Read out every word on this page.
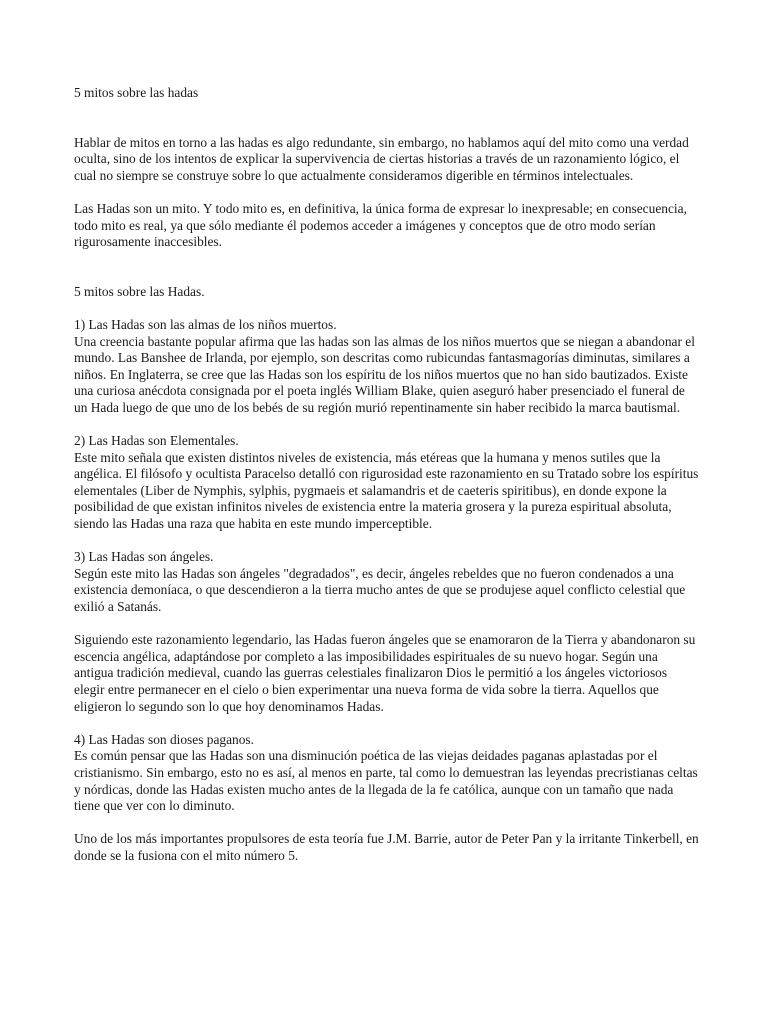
5 mitos sobre las hadas

Hablar de mitos en torno a las hadas es algo redundante, sin embargo, no hablamos aquí del mito como una verdad oculta, sino de los intentos de explicar la supervivencia de ciertas historias a través de un razonamiento lógico, el cual no siempre se construye sobre lo que actualmente consideramos digerible en términos intelectuales.

Las Hadas son un mito. Y todo mito es, en definitiva, la única forma de expresar lo inexpresable; en consecuencia, todo mito es real, ya que sólo mediante él podemos acceder a imágenes y conceptos que de otro modo serían rigurosamente inaccesibles.

5 mitos sobre las Hadas.

1) Las Hadas son las almas de los niños muertos.

Una creencia bastante popular afirma que las hadas son las almas de los niños muertos que se niegan a abandonar el mundo. Las Banshee de Irlanda, por ejemplo, son descritas como rubicundas fantasmagorías diminutas, similares a niños. En Inglaterra, se cree que las Hadas son los espíritu de los niños muertos que no han sido bautizados. Existe una curiosa anécdota consignada por el poeta inglés William Blake, quien aseguró haber presenciado el funeral de un Hada luego de que uno de los bebés de su región murió repentinamente sin haber recibido la marca bautismal.

2) Las Hadas son Elementales.

Este mito señala que existen distintos niveles de existencia, más etéreas que la humana y menos sutiles que la angélica. El filósofo y ocultista Paracelso detalló con rigurosidad este razonamiento en su Tratado sobre los espíritus elementales (Liber de Nymphis, sylphis, pygmaeis et salamandris et de caeteris spiritibus), en donde expone la posibilidad de que existan infinitos niveles de existencia entre la materia grosera y la pureza espiritual absoluta, siendo las Hadas una raza que habita en este mundo imperceptible.

3) Las Hadas son ángeles.

Según este mito las Hadas son ángeles "degradados", es decir, ángeles rebeldes que no fueron condenados a una existencia demoníaca, o que descendieron a la tierra mucho antes de que se produjese aquel conflicto celestial que exilió a Satanás.

Siguiendo este razonamiento legendario, las Hadas fueron ángeles que se enamoraron de la Tierra y abandonaron su escencia angélica, adaptándose por completo a las imposibilidades espirituales de su nuevo hogar. Según una antigua tradición medieval, cuando las guerras celestiales finalizaron Dios le permitió a los ángeles victoriosos elegir entre permanecer en el cielo o bien experimentar una nueva forma de vida sobre la tierra. Aquellos que eligieron lo segundo son lo que hoy denominamos Hadas.

4) Las Hadas son dioses paganos.

Es común pensar que las Hadas son una disminución poética de las viejas deidades paganas aplastadas por el cristianismo. Sin embargo, esto no es así, al menos en parte, tal como lo demuestran las leyendas precristianas celtas y nórdicas, donde las Hadas existen mucho antes de la llegada de la fe católica, aunque con un tamaño que nada tiene que ver con lo diminuto.

Uno de los más importantes propulsores de esta teoría fue J.M. Barrie, autor de Peter Pan y la irritante Tinkerbell, en donde se la fusiona con el mito número 5.
